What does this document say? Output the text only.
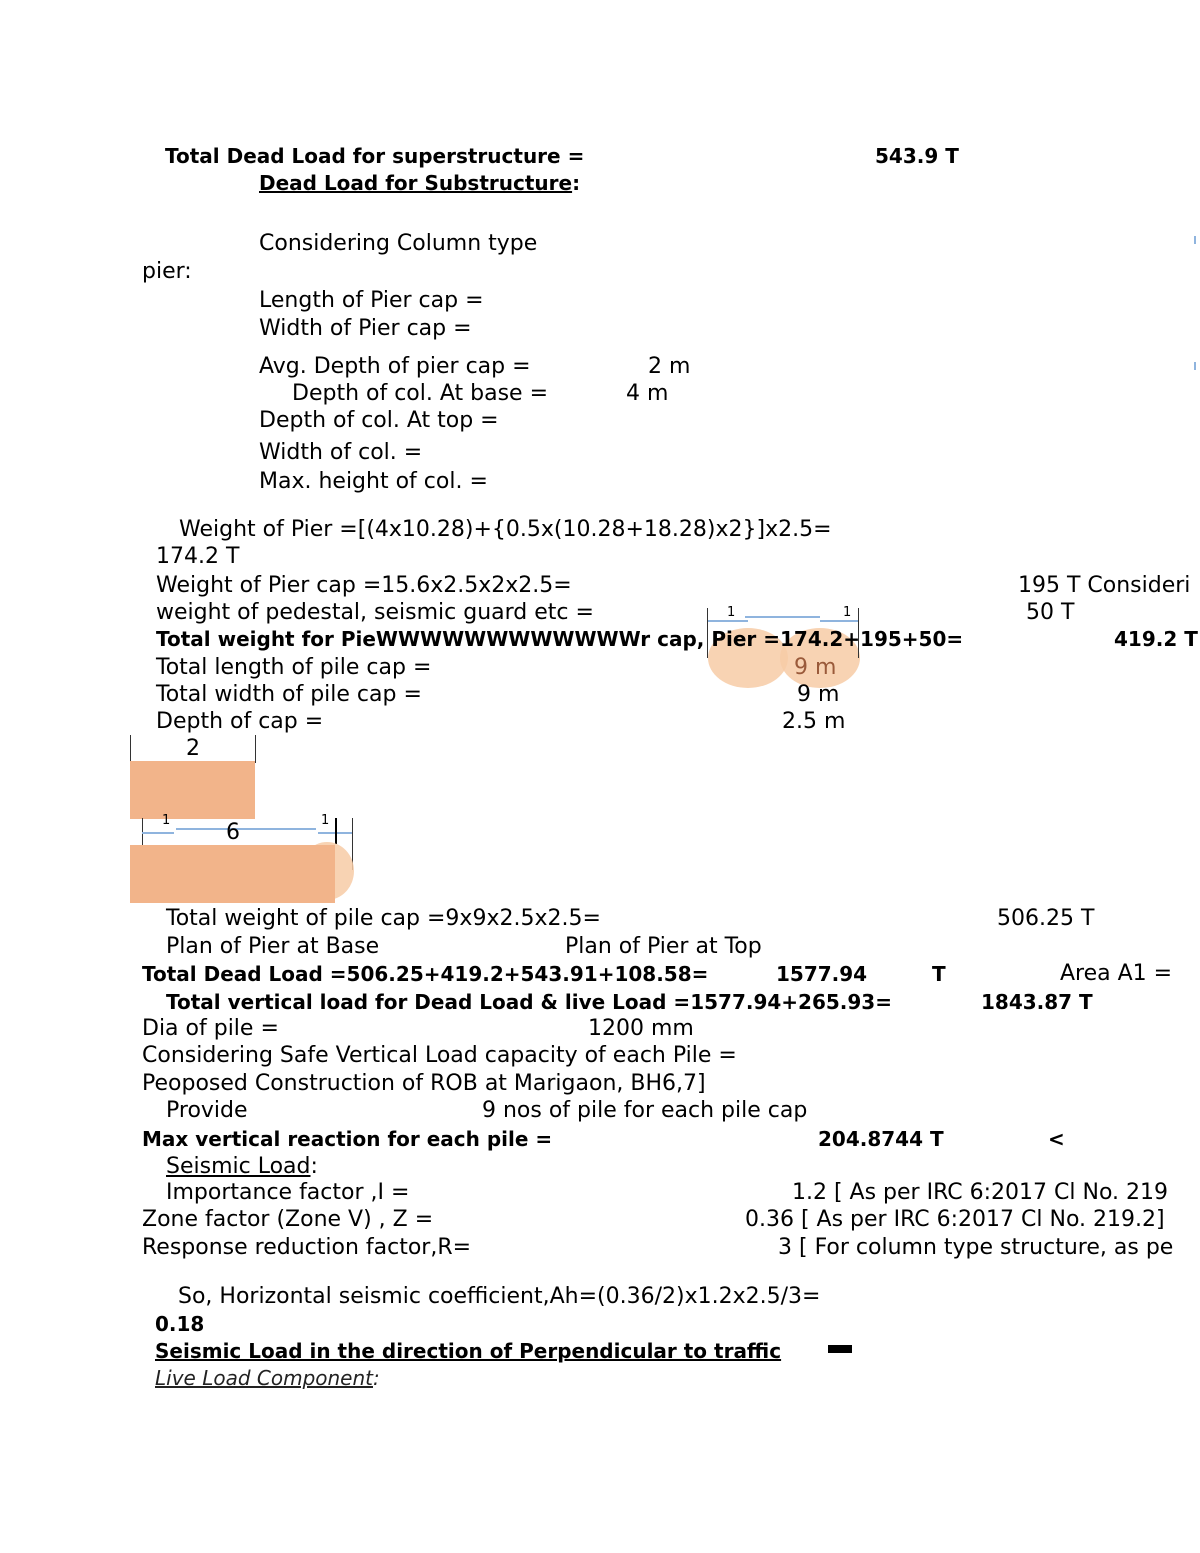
Total Dead Load for superstructure =	543.9 T
Dead Load for Substructure:
Considering Column type
pier:
Length of Pier cap =
Width of Pier cap =
Avg. Depth of pier cap =	2 m
Depth of col. At base =	4 m
Depth of col. At top =
Width of col. =
Max. height of col. =
Weight of Pier =[(4x10.28)+{0.5x(10.28+18.28)x2}]x2.5=
174.2 T
Weight of Pier cap =15.6x2.5x2x2.5=	195 T Consideri
weight of pedestal, seismic guard etc =	50 T
1	1
Total weight for PieWWWWWWWWWWWWr cap, Pier =174.2+195+50=	419.2 T
Total length of pile cap =	9 m
Total width of pile cap =	9 m
Depth of cap =	2.5 m
2
1	6	1
Total weight of pile cap =9x9x2.5x2.5=	506.25 T
Plan of Pier at Base	Plan of Pier at Top
Total Dead Load =506.25+419.2+543.91+108.58=	1577.94	T	Area A1 =
Total vertical load for Dead Load & live Load =1577.94+265.93=	1843.87 T
Dia of pile =	1200 mm
Considering Safe Vertical Load capacity of each Pile =
Peoposed Construction of ROB at Marigaon, BH6,7]
Provide	9 nos of pile for each pile cap
Max vertical reaction for each pile =	204.8744 T	<
Seismic Load:
Importance factor ,I =	1.2 [ As per IRC 6:2017 Cl No. 219
Zone factor (Zone V) , Z =	0.36 [ As per IRC 6:2017 Cl No. 219.2]
Response reduction factor,R=	3 [ For column type structure, as pe
So, Horizontal seismic coefficient,Ah=(0.36/2)x1.2x2.5/3=
0.18
Seismic Load in the direction of Perpendicular to traffic
Live Load Component:
